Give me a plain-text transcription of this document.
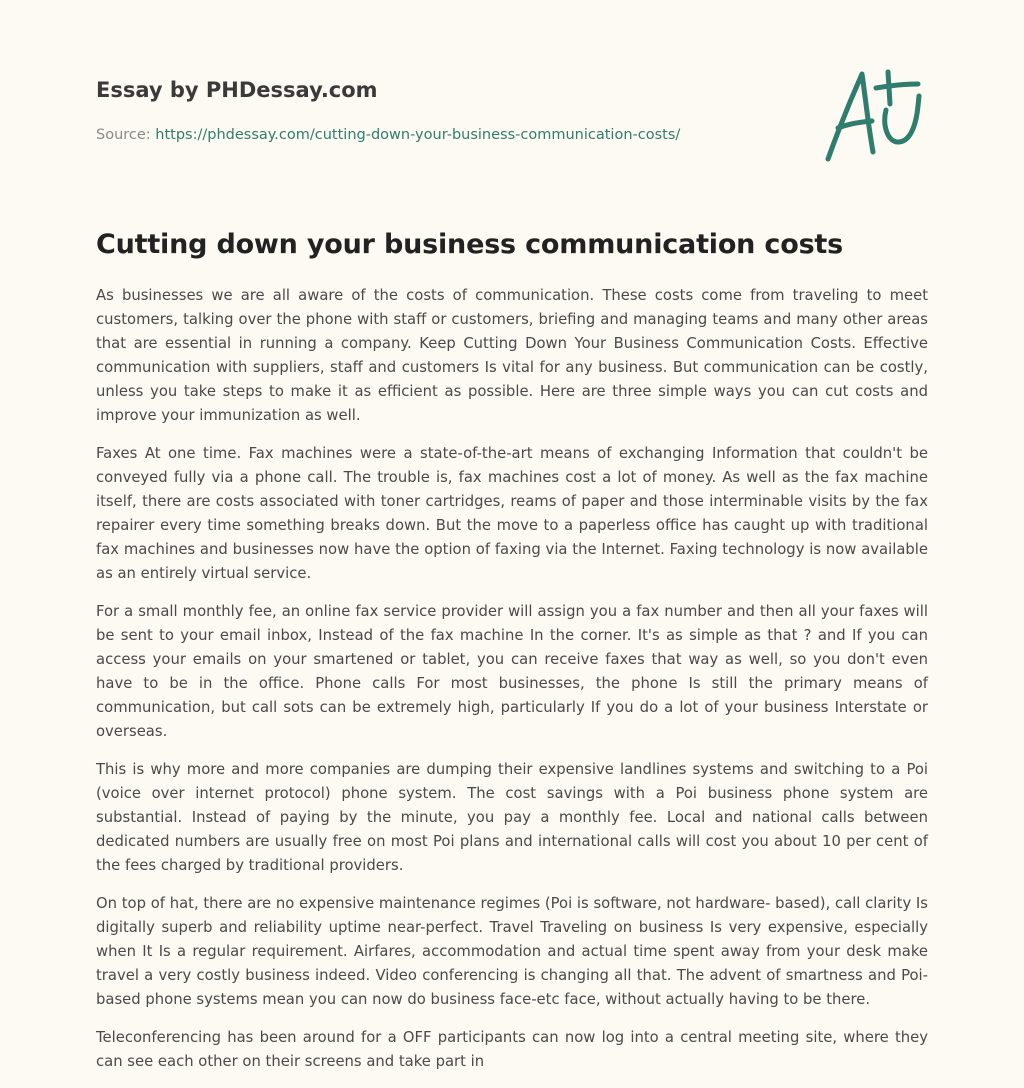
Essay by PHDessay.com
Source: https://phdessay.com/cutting-down-your-business-communication-costs/
Cutting down your business communication costs

As businesses we are all aware of the costs of communication. These costs come from traveling to meet customers, talking over the phone with staff or customers, briefing and managing teams and many other areas that are essential in running a company. Keep Cutting Down Your Business Communication Costs. Effective communication with suppliers, staff and customers Is vital for any business. But communication can be costly, unless you take steps to make it as efficient as possible. Here are three simple ways you can cut costs and improve your immunization as well.

Faxes At one time. Fax machines were a state-of-the-art means of exchanging Information that couldn't be conveyed fully via a phone call. The trouble is, fax machines cost a lot of money. As well as the fax machine itself, there are costs associated with toner cartridges, reams of paper and those interminable visits by the fax repairer every time something breaks down. But the move to a paperless office has caught up with traditional fax machines and businesses now have the option of faxing via the Internet. Faxing technology is now available as an entirely virtual service.

For a small monthly fee, an online fax service provider will assign you a fax number and then all your faxes will be sent to your email inbox, Instead of the fax machine In the corner. It's as simple as that ? and If you can access your emails on your smartened or tablet, you can receive faxes that way as well, so you don't even have to be in the office. Phone calls For most businesses, the phone Is still the primary means of communication, but call sots can be extremely high, particularly If you do a lot of your business Interstate or overseas.

This is why more and more companies are dumping their expensive landlines systems and switching to a Poi (voice over internet protocol) phone system. The cost savings with a Poi business phone system are substantial. Instead of paying by the minute, you pay a monthly fee. Local and national calls between dedicated numbers are usually free on most Poi plans and international calls will cost you about 10 per cent of the fees charged by traditional providers.

On top of hat, there are no expensive maintenance regimes (Poi is software, not hardware- based), call clarity Is digitally superb and reliability uptime near-perfect. Travel Traveling on business Is very expensive, especially when It Is a regular requirement. Airfares, accommodation and actual time spent away from your desk make travel a very costly business indeed. Video conferencing is changing all that. The advent of smartness and Poi-based phone systems mean you can now do business face-etc face, without actually having to be there.

Teleconferencing has been around for a OFF participants can now log into a central meeting site, where they can see each other on their screens and take part in
